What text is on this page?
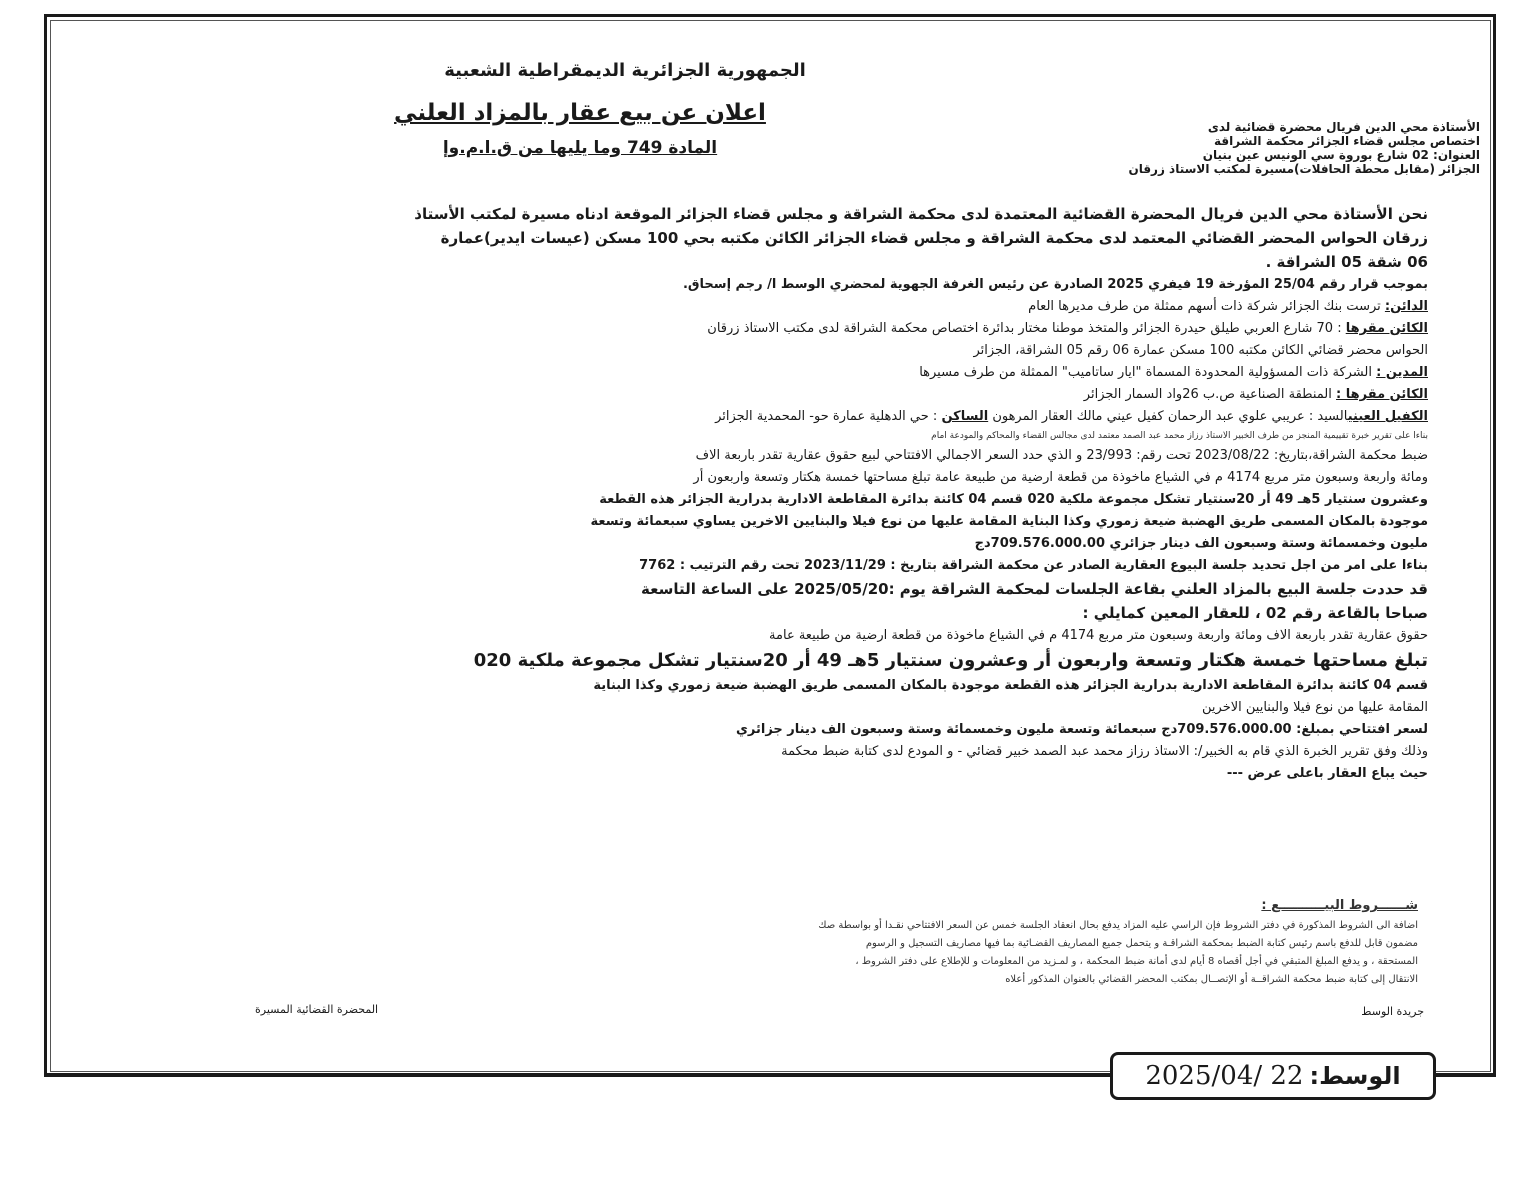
الجمهورية الجزائرية الديمقراطية الشعبية
اعلان عن بيع عقار بالمزاد العلني
المادة 749 وما يليها من ق.ا.م.وإ
الأستاذة محي الدين فريال محضرة قضائية لدى
اختصاص مجلس قضاء الجزائر محكمة الشراقة
العنوان: 02 شارع بوروة سي الونيس عين بنيان
الجزائر (مقابل محطة الحافلات)مسيرة لمكتب الاستاذ زرقان

نحن الأستاذة محي الدين فريال المحضرة القضائية المعتمدة لدى محكمة الشراقة و مجلس قضاء الجزائر الموقعة ادناه مسيرة لمكتب الأستاذ

زرقان الحواس المحضر القضائي المعتمد لدى محكمة الشراقة و مجلس قضاء الجزائر الكائن مكتبه بحي 100 مسكن (عيسات ايدير)عمارة

06 شقة 05 الشراقة .

بموجب قرار رقم 25/04 المؤرخة 19 فيفري 2025 الصادرة عن رئيس الغرفة الجهوية لمحضري الوسط ا/ رجم إسحاق.

الدائن: ترست بنك الجزائر شركة ذات أسهم ممثلة من طرف مديرها العام

الكائن مقرها : 70 شارع العربي طيلق حيدرة الجزائر والمتخذ موطنا مختار بدائرة اختصاص محكمة الشراقة لدى مكتب الاستاذ زرقان

الحواس محضر قضائي الكائن مكتبه 100 مسكن عمارة 06 رقم 05 الشراقة، الجزائر

المدين : الشركة ذات المسؤولية المحدودة المسماة "ايار ساتاميب" الممثلة من طرف مسيرها

الكائن مقرها : المنطقة الصناعية ص.ب 26واد السمار الجزائر

الكفيل العينيالسيد : عريبي علوي عبد الرحمان كفيل عيني مالك العقار المرهون الساكن : حي الدهلية عمارة حو- المحمدية الجزائر

بناءا على تقرير خبرة تقييمية المنجز من طرف الخبير الاستاذ رزاز محمد عبد الصمد معتمد لدى مجالس القضاء والمحاكم والمودعة امام

ضبط محكمة الشراقة،بتاريخ: 2023/08/22 تحت رقم: 23/993 و الذي حدد السعر الاجمالي الافتتاحي لبيع حقوق عقارية تقدر باربعة الاف

ومائة واربعة وسبعون متر مربع 4174 م في الشياع ماخوذة من قطعة ارضية من طبيعة عامة تبلغ مساحتها خمسة هكتار وتسعة واربعون أر

وعشرون سنتيار 5هـ 49 أر 20سنتيار تشكل مجموعة ملكية 020 قسم 04 كائنة بدائرة المقاطعة الادارية بدرارية الجزائر هذه القطعة

موجودة بالمكان المسمى طريق الهضبة ضيعة زموري وكذا البناية المقامة عليها من نوع فيلا والبنايين الاخرين يساوي سبعمائة وتسعة

مليون وخمسمائة وستة وسبعون الف دينار جزائري 709.576.000.00دج

بناءا على امر من اجل تحديد جلسة البيوع العقارية الصادر عن محكمة الشراقة بتاريخ : 2023/11/29 تحت رقم الترتيب : 7762

قد حددت جلسة البيع بالمزاد العلني بقاعة الجلسات لمحكمة الشراقة يوم :2025/05/20 على الساعة التاسعة

صباحا بالقاعة رقم 02 ، للعقار المعين كمايلي :

حقوق عقارية تقدر باربعة الاف ومائة واربعة وسبعون متر مربع 4174 م في الشياع ماخوذة من قطعة ارضية من طبيعة عامة

تبلغ مساحتها خمسة هكتار وتسعة واربعون أر وعشرون سنتيار 5هـ 49 أر 20سنتيار تشكل مجموعة ملكية 020

قسم 04 كائنة بدائرة المقاطعة الادارية بدرارية الجزائر هذه القطعة موجودة بالمكان المسمى طريق الهضبة ضيعة زموري وكذا البناية

المقامة عليها من نوع فيلا والبنايين الاخرين

لسعر افتتاحي بمبلغ: 709.576.000.00دج سبعمائة وتسعة مليون وخمسمائة وستة وسبعون الف دينار جزائري

وذلك وفق تقرير الخبرة الذي قام به الخبير/: الاستاذ رزاز محمد عبد الصمد خبير قضائي - و المودع لدى كتابة ضبط محكمة

حيث يباع العقار باعلى عرض ---

شــــــروط البيــــــــــع :

اضافة الى الشروط المذكورة في دفتر الشروط فإن الراسي عليه المزاد يدفع بحال انعقاد الجلسة خمس عن السعر الافتتاحي نقـدا أو بواسطة صك

مضمون قابل للدفع باسم رئيس كتابة الضبط بمحكمة الشراقـة و يتحمل جميع المصاريف القضـائية بما فيها مصاريف التسجيل و الرسوم

المستحقة ، و يدفع المبلغ المتبقي في أجل أقصاه 8 أيام لدى أمانة ضبط المحكمة ، و لمـزيد من المعلومات و للإطلاع على دفتر الشروط ،

الانتقال إلى كتابة ضبط محكمة الشراقــة أو الإتصــال بمكتب المحضر القضائي بالعنوان المذكور أعلاه

جريدة الوسط
المحضرة القضائية المسيرة
الوسط:
2025/04/ 22
